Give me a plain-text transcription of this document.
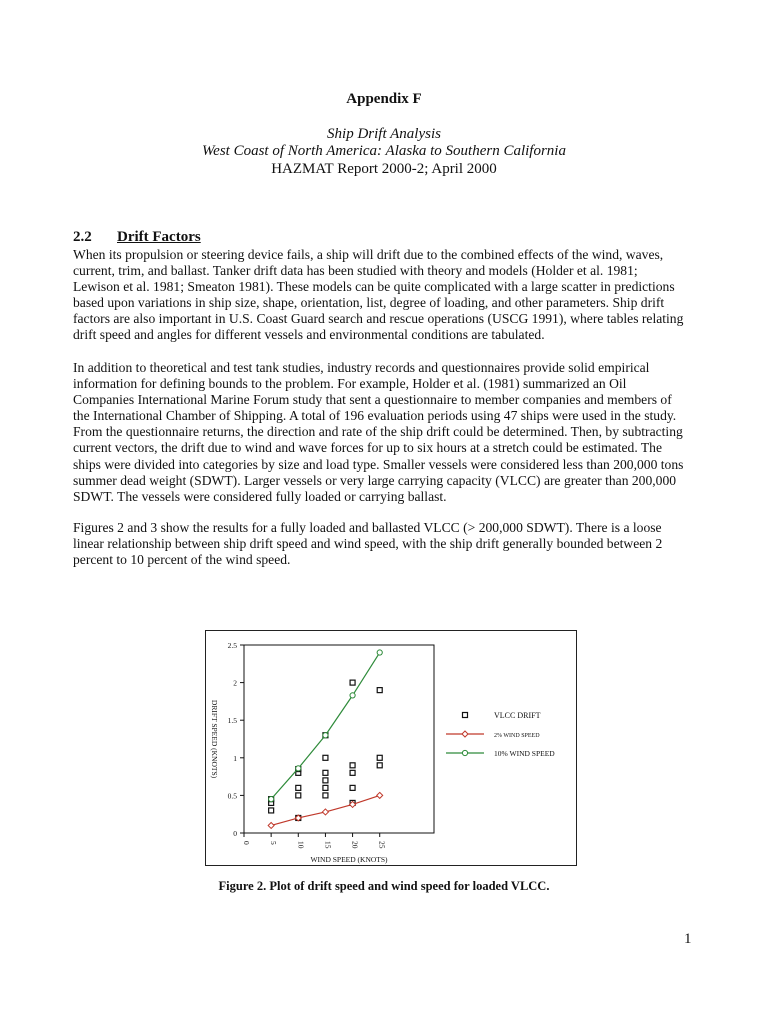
Appendix F
Ship Drift Analysis
West Coast of North America: Alaska to Southern California
HAZMAT Report 2000-2; April 2000
2.2 Drift Factors
When its propulsion or steering device fails, a ship will drift due to the combined effects of the wind, waves,
current, trim, and ballast. Tanker drift data has been studied with theory and models (Holder et al. 1981;
Lewison et al. 1981; Smeaton 1981). These models can be quite complicated with a large scatter in predictions
based upon variations in ship size, shape, orientation, list, degree of loading, and other parameters. Ship drift
factors are also important in U.S. Coast Guard search and rescue operations (USCG 1991), where tables relating
drift speed and angles for different vessels and environmental conditions are tabulated.
In addition to theoretical and test tank studies, industry records and questionnaires provide solid empirical
information for defining bounds to the problem. For example, Holder et al. (1981) summarized an Oil
Companies International Marine Forum study that sent a questionnaire to member companies and members of
the International Chamber of Shipping. A total of 196 evaluation periods using 47 ships were used in the study.
From the questionnaire returns, the direction and rate of the ship drift could be determined. Then, by subtracting
current vectors, the drift due to wind and wave forces for up to six hours at a stretch could be estimated. The
ships were divided into categories by size and load type. Smaller vessels were considered less than 200,000 tons
summer dead weight (SDWT). Larger vessels or very large carrying capacity (VLCC) are greater than 200,000
SDWT. The vessels were considered fully loaded or carrying ballast.
Figures 2 and 3 show the results for a fully loaded and ballasted VLCC (> 200,000 SDWT). There is a loose
linear relationship between ship drift speed and wind speed, with the ship drift generally bounded between 2
percent to 10 percent of the wind speed.
0
0.5
1
1.5
2
2.5
0 5 10 15 20 25
WIND SPEED (KNOTS)
DRIFT SPEED (KNOTS)	VLCC DRIFT
2% WIND SPEED
10% WIND SPEED
Figure 2. Plot of drift speed and wind speed for loaded VLCC.
1
